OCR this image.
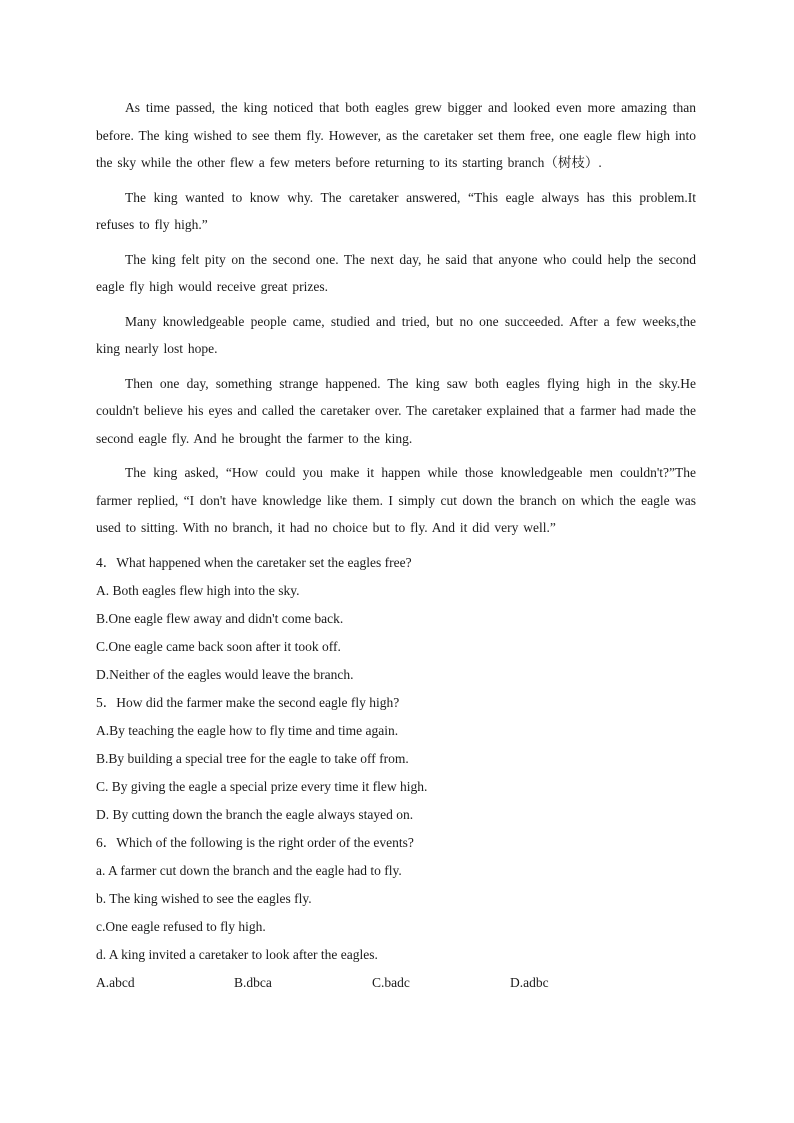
As time passed, the king noticed that both eagles grew bigger and looked even more amazing than before. The king wished to see them fly. However, as the caretaker set them free, one eagle flew high into the sky while the other flew a few meters before returning to its starting branch（树枝）.

The king wanted to know why. The caretaker answered, “This eagle always has this problem.It refuses to fly high.”

The king felt pity on the second one. The next day, he said that anyone who could help the second eagle fly high would receive great prizes.

Many knowledgeable people came, studied and tried, but no one succeeded. After a few weeks,the king nearly lost hope.

Then one day, something strange happened. The king saw both eagles flying high in the sky.He couldn't believe his eyes and called the caretaker over. The caretaker explained that a farmer had made the second eagle fly. And he brought the farmer to the king.

The king asked, “How could you make it happen while those knowledgeable men couldn't?”The farmer replied, “I don't have knowledge like them. I simply cut down the branch on which the eagle was used to sitting. With no branch, it had no choice but to fly. And it did very well.”

4．What happened when the caretaker set the eagles free?

A. Both eagles flew high into the sky.

B.One eagle flew away and didn't come back.

C.One eagle came back soon after it took off.

D.Neither of the eagles would leave the branch.

5．How did the farmer make the second eagle fly high?

A.By teaching the eagle how to fly time and time again.

B.By building a special tree for the eagle to take off from.

C. By giving the eagle a special prize every time it flew high.

D. By cutting down the branch the eagle always stayed on.

6．Which of the following is the right order of the events?

a. A farmer cut down the branch and the eagle had to fly.

b. The king wished to see the eagles fly.

c.One eagle refused to fly high.

d. A king invited a caretaker to look after the eagles.

A.abcd	B.dbca	C.badc	D.adbc
